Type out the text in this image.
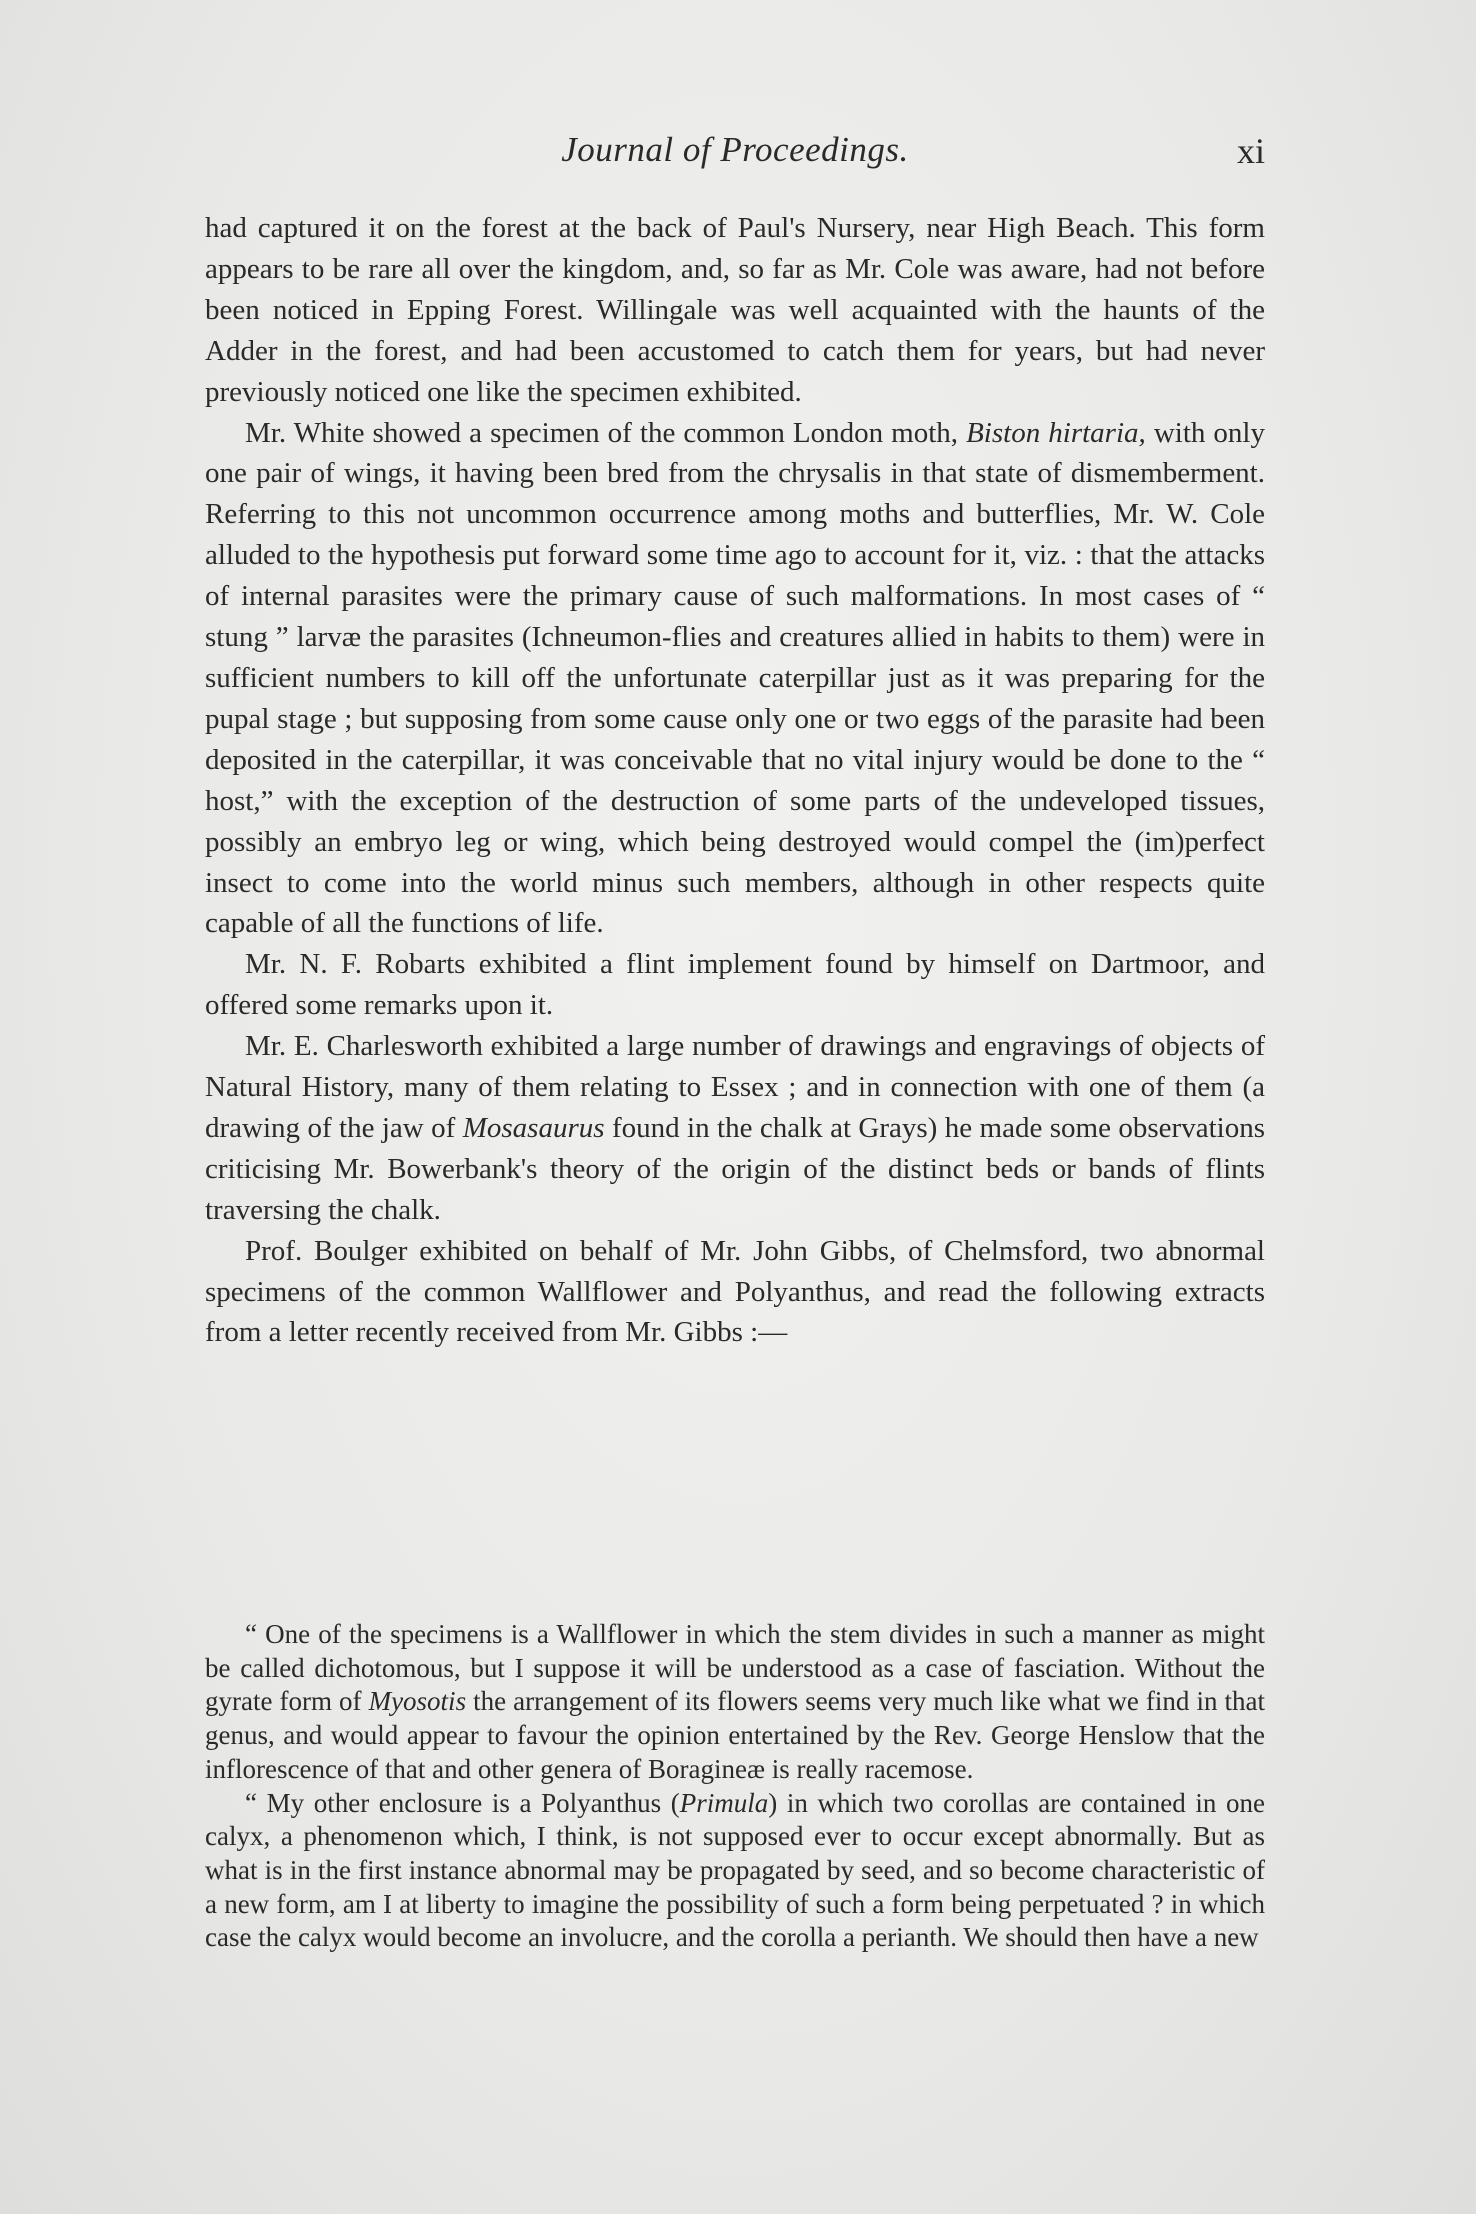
Journal of Proceedings.	xi

had captured it on the forest at the back of Paul's Nursery, near High Beach. This form appears to be rare all over the kingdom, and, so far as Mr. Cole was aware, had not before been noticed in Epping Forest. Willingale was well acquainted with the haunts of the Adder in the forest, and had been accustomed to catch them for years, but had never previously noticed one like the specimen exhibited.

Mr. White showed a specimen of the common London moth, Biston hirtaria, with only one pair of wings, it having been bred from the chrysalis in that state of dismemberment. Referring to this not uncommon occurrence among moths and butterflies, Mr. W. Cole alluded to the hypothesis put forward some time ago to account for it, viz. : that the attacks of internal parasites were the primary cause of such malformations. In most cases of “ stung ” larvæ the parasites (Ichneumon-flies and creatures allied in habits to them) were in sufficient numbers to kill off the unfortunate caterpillar just as it was preparing for the pupal stage ; but supposing from some cause only one or two eggs of the parasite had been deposited in the caterpillar, it was conceivable that no vital injury would be done to the “ host,” with the exception of the destruction of some parts of the undeveloped tissues, possibly an embryo leg or wing, which being destroyed would compel the (im)perfect insect to come into the world minus such members, although in other respects quite capable of all the functions of life.

Mr. N. F. Robarts exhibited a flint implement found by himself on Dartmoor, and offered some remarks upon it.

Mr. E. Charlesworth exhibited a large number of drawings and engravings of objects of Natural History, many of them relating to Essex ; and in connection with one of them (a drawing of the jaw of Mosasaurus found in the chalk at Grays) he made some observations criticising Mr. Bowerbank's theory of the origin of the distinct beds or bands of flints traversing the chalk.

Prof. Boulger exhibited on behalf of Mr. John Gibbs, of Chelmsford, two abnormal specimens of the common Wallflower and Polyanthus, and read the following extracts from a letter recently received from Mr. Gibbs :—

“ One of the specimens is a Wallflower in which the stem divides in such a manner as might be called dichotomous, but I suppose it will be understood as a case of fasciation. Without the gyrate form of Myosotis the arrangement of its flowers seems very much like what we find in that genus, and would appear to favour the opinion entertained by the Rev. George Henslow that the inflorescence of that and other genera of Boragineæ is really racemose.

“ My other enclosure is a Polyanthus (Primula) in which two corollas are contained in one calyx, a phenomenon which, I think, is not supposed ever to occur except abnormally. But as what is in the first instance abnormal may be propagated by seed, and so become characteristic of a new form, am I at liberty to imagine the possibility of such a form being perpetuated ? in which case the calyx would become an involucre, and the corolla a perianth. We should then have a new
